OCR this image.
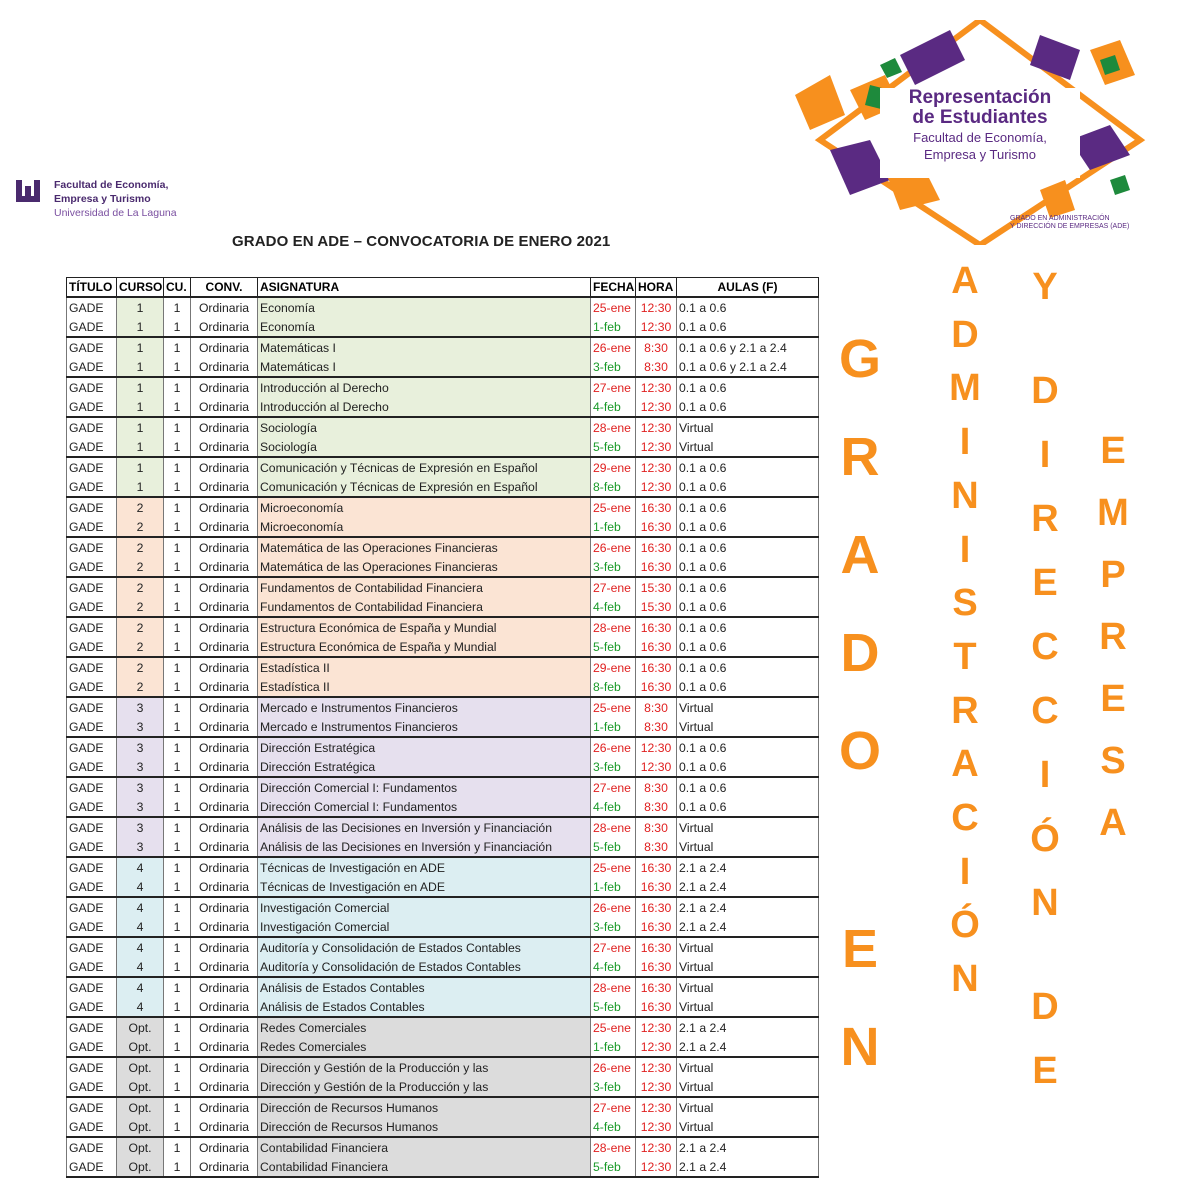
Facultad de Economía,
Empresa y Turismo
Universidad de La Laguna
Representación
de Estudiantes
Facultad de Economía,
Empresa y Turismo
GRADO EN ADMINISTRACIÓN
Y DIRECCIÓN DE EMPRESAS (ADE)
GRADO EN ADE – CONVOCATORIA DE ENERO 2021
TÍTULO	CURSO	CU.	CONV.	ASIGNATURA	FECHA	HORA	AULAS (F)
GADE	1	1	Ordinaria	Economía	25-ene	12:30	0.1 a 0.6
GADE	1	1	Ordinaria	Economía	1-feb	12:30	0.1 a 0.6
GADE	1	1	Ordinaria	Matemáticas I	26-ene	8:30	0.1 a 0.6 y 2.1 a 2.4
GADE	1	1	Ordinaria	Matemáticas I	3-feb	8:30	0.1 a 0.6 y 2.1 a 2.4
GADE	1	1	Ordinaria	Introducción al Derecho	27-ene	12:30	0.1 a 0.6
GADE	1	1	Ordinaria	Introducción al Derecho	4-feb	12:30	0.1 a 0.6
GADE	1	1	Ordinaria	Sociología	28-ene	12:30	Virtual
GADE	1	1	Ordinaria	Sociología	5-feb	12:30	Virtual
GADE	1	1	Ordinaria	Comunicación y Técnicas de Expresión en Español	29-ene	12:30	0.1 a 0.6
GADE	1	1	Ordinaria	Comunicación y Técnicas de Expresión en Español	8-feb	12:30	0.1 a 0.6
GADE	2	1	Ordinaria	Microeconomía	25-ene	16:30	0.1 a 0.6
GADE	2	1	Ordinaria	Microeconomía	1-feb	16:30	0.1 a 0.6
GADE	2	1	Ordinaria	Matemática de las Operaciones Financieras	26-ene	16:30	0.1 a 0.6
GADE	2	1	Ordinaria	Matemática de las Operaciones Financieras	3-feb	16:30	0.1 a 0.6
GADE	2	1	Ordinaria	Fundamentos de Contabilidad Financiera	27-ene	15:30	0.1 a 0.6
GADE	2	1	Ordinaria	Fundamentos de Contabilidad Financiera	4-feb	15:30	0.1 a 0.6
GADE	2	1	Ordinaria	Estructura Económica de España y Mundial	28-ene	16:30	0.1 a 0.6
GADE	2	1	Ordinaria	Estructura Económica de España y Mundial	5-feb	16:30	0.1 a 0.6
GADE	2	1	Ordinaria	Estadística II	29-ene	16:30	0.1 a 0.6
GADE	2	1	Ordinaria	Estadística II	8-feb	16:30	0.1 a 0.6
GADE	3	1	Ordinaria	Mercado e Instrumentos Financieros	25-ene	8:30	Virtual
GADE	3	1	Ordinaria	Mercado e Instrumentos Financieros	1-feb	8:30	Virtual
GADE	3	1	Ordinaria	Dirección Estratégica	26-ene	12:30	0.1 a 0.6
GADE	3	1	Ordinaria	Dirección Estratégica	3-feb	12:30	0.1 a 0.6
GADE	3	1	Ordinaria	Dirección Comercial I: Fundamentos	27-ene	8:30	0.1 a 0.6
GADE	3	1	Ordinaria	Dirección Comercial I: Fundamentos	4-feb	8:30	0.1 a 0.6
GADE	3	1	Ordinaria	Análisis de las Decisiones en Inversión y Financiación	28-ene	8:30	Virtual
GADE	3	1	Ordinaria	Análisis de las Decisiones en Inversión y Financiación	5-feb	8:30	Virtual
GADE	4	1	Ordinaria	Técnicas de Investigación en ADE	25-ene	16:30	2.1 a 2.4
GADE	4	1	Ordinaria	Técnicas de Investigación en ADE	1-feb	16:30	2.1 a 2.4
GADE	4	1	Ordinaria	Investigación Comercial	26-ene	16:30	2.1 a 2.4
GADE	4	1	Ordinaria	Investigación Comercial	3-feb	16:30	2.1 a 2.4
GADE	4	1	Ordinaria	Auditoría y Consolidación de Estados Contables	27-ene	16:30	Virtual
GADE	4	1	Ordinaria	Auditoría y Consolidación de Estados Contables	4-feb	16:30	Virtual
GADE	4	1	Ordinaria	Análisis de Estados Contables	28-ene	16:30	Virtual
GADE	4	1	Ordinaria	Análisis de Estados Contables	5-feb	16:30	Virtual
GADE	Opt.	1	Ordinaria	Redes Comerciales	25-ene	12:30	2.1 a 2.4
GADE	Opt.	1	Ordinaria	Redes Comerciales	1-feb	12:30	2.1 a 2.4
GADE	Opt.	1	Ordinaria	Dirección y Gestión de la Producción y las	26-ene	12:30	Virtual
GADE	Opt.	1	Ordinaria	Dirección y Gestión de la Producción y las	3-feb	12:30	Virtual
GADE	Opt.	1	Ordinaria	Dirección de Recursos Humanos	27-ene	12:30	Virtual
GADE	Opt.	1	Ordinaria	Dirección de Recursos Humanos	4-feb	12:30	Virtual
GADE	Opt.	1	Ordinaria	Contabilidad Financiera	28-ene	12:30	2.1 a 2.4
GADE	Opt.	1	Ordinaria	Contabilidad Financiera	5-feb	12:30	2.1 a 2.4
G
R
A
D
O
E
N
A
D
M
I
N
I
S
T
R
A
C
I
Ó
N
Y
D
I
R
E
C
C
I
Ó
N
D
E
E
M
P
R
E
S
A
